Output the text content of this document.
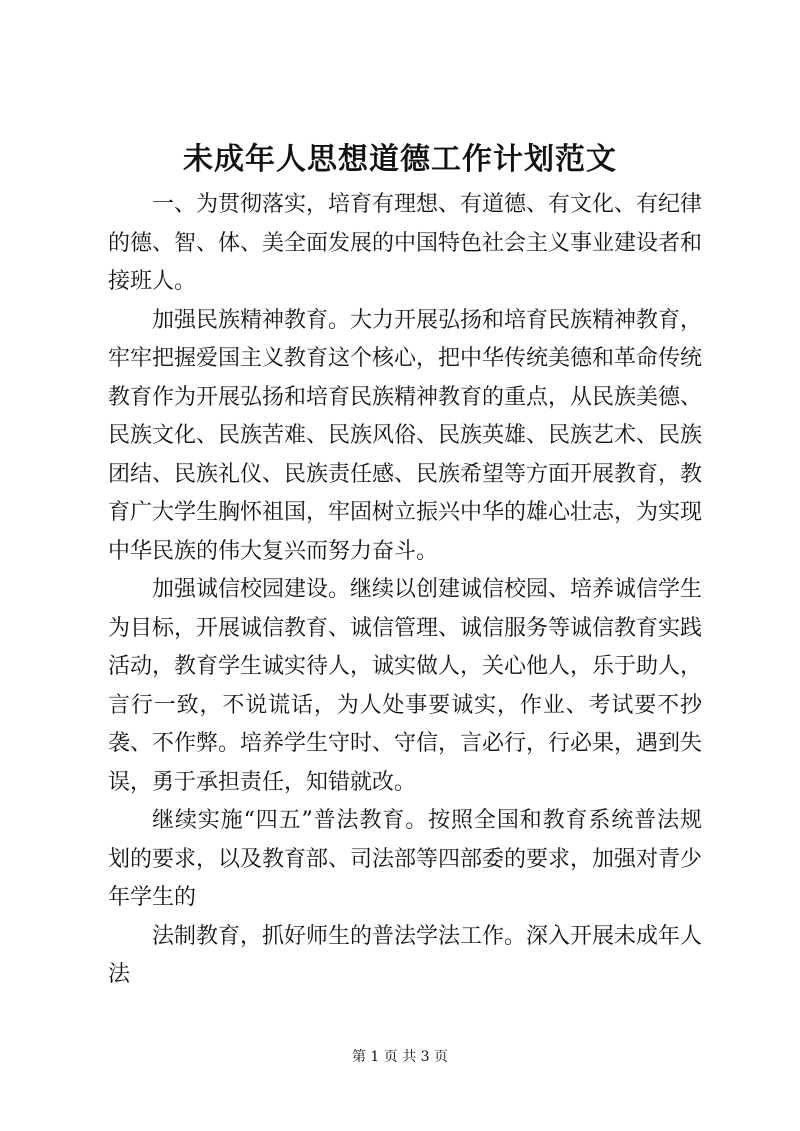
未成年人思想道德工作计划范文

一、为贯彻落实，培育有理想、有道德、有文化、有纪律的德、智、体、美全面发展的中国特色社会主义事业建设者和接班人。

加强民族精神教育。大力开展弘扬和培育民族精神教育，牢牢把握爱国主义教育这个核心，把中华传统美德和革命传统教育作为开展弘扬和培育民族精神教育的重点，从民族美德、民族文化、民族苦难、民族风俗、民族英雄、民族艺术、民族团结、民族礼仪、民族责任感、民族希望等方面开展教育，教育广大学生胸怀祖国，牢固树立振兴中华的雄心壮志，为实现中华民族的伟大复兴而努力奋斗。

加强诚信校园建设。继续以创建诚信校园、培养诚信学生为目标，开展诚信教育、诚信管理、诚信服务等诚信教育实践活动，教育学生诚实待人，诚实做人，关心他人，乐于助人，言行一致，不说谎话，为人处事要诚实，作业、考试要不抄袭、不作弊。培养学生守时、守信，言必行，行必果，遇到失误，勇于承担责任，知错就改。

继续实施“四五”普法教育。按照全国和教育系统普法规划的要求，以及教育部、司法部等四部委的要求，加强对青少年学生的

法制教育，抓好师生的普法学法工作。深入开展未成年人法

第 1 页 共 3 页
